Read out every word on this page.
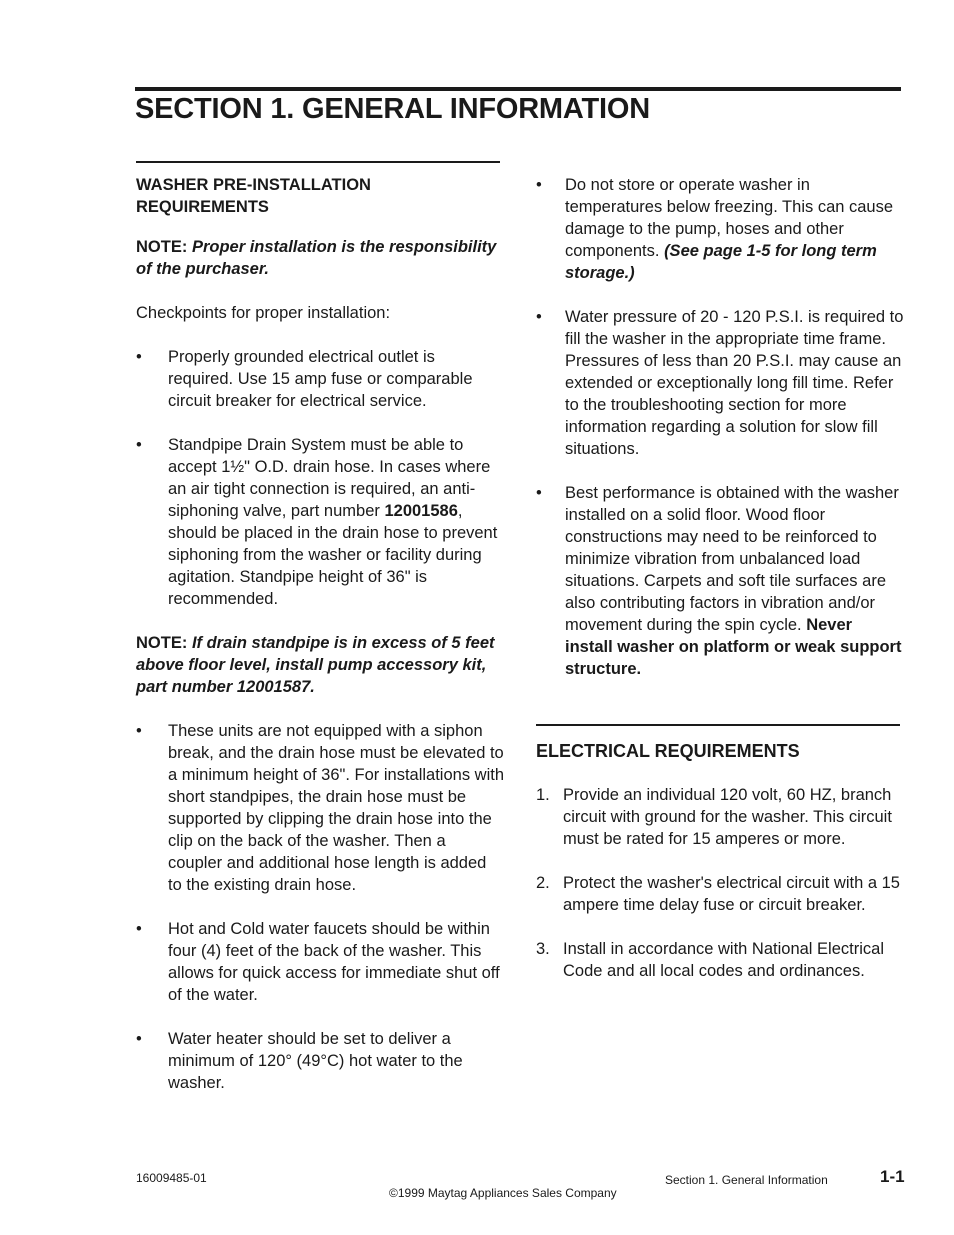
SECTION 1. GENERAL INFORMATION

WASHER PRE-INSTALLATION REQUIREMENTS

NOTE: Proper installation is the responsibility of the purchaser.

Checkpoints for proper installation:

• Properly grounded electrical outlet is required. Use 15 amp fuse or comparable circuit breaker for electrical service.
• Standpipe Drain System must be able to accept 1½" O.D. drain hose. In cases where an air tight connection is required, an anti-siphoning valve, part number 12001586, should be placed in the drain hose to prevent siphoning from the washer or facility during agitation. Standpipe height of 36" is recommended.

NOTE: If drain standpipe is in excess of 5 feet above floor level, install pump accessory kit, part number 12001587.

• These units are not equipped with a siphon break, and the drain hose must be elevated to a minimum height of 36". For installations with short standpipes, the drain hose must be supported by clipping the drain hose into the clip on the back of the washer. Then a coupler and additional hose length is added to the existing drain hose.
• Hot and Cold water faucets should be within four (4) feet of the back of the washer. This allows for quick access for immediate shut off of the water.
• Water heater should be set to deliver a minimum of 120° (49°C) hot water to the washer.
• Do not store or operate washer in temperatures below freezing. This can cause damage to the pump, hoses and other components. (See page 1-5 for long term storage.)
• Water pressure of 20 - 120 P.S.I. is required to fill the washer in the appropriate time frame. Pressures of less than 20 P.S.I. may cause an extended or exceptionally long fill time. Refer to the troubleshooting section for more information regarding a solution for slow fill situations.
• Best performance is obtained with the washer installed on a solid floor. Wood floor constructions may need to be reinforced to minimize vibration from unbalanced load situations. Carpets and soft tile surfaces are also contributing factors in vibration and/or movement during the spin cycle. Never install washer on platform or weak support structure.

ELECTRICAL REQUIREMENTS

1. Provide an individual 120 volt, 60 HZ, branch circuit with ground for the washer. This circuit must be rated for 15 amperes or more.
2. Protect the washer's electrical circuit with a 15 ampere time delay fuse or circuit breaker.
3. Install in accordance with National Electrical Code and all local codes and ordinances.
16009485-01
©1999 Maytag Appliances Sales Company
Section 1. General Information	1-1
